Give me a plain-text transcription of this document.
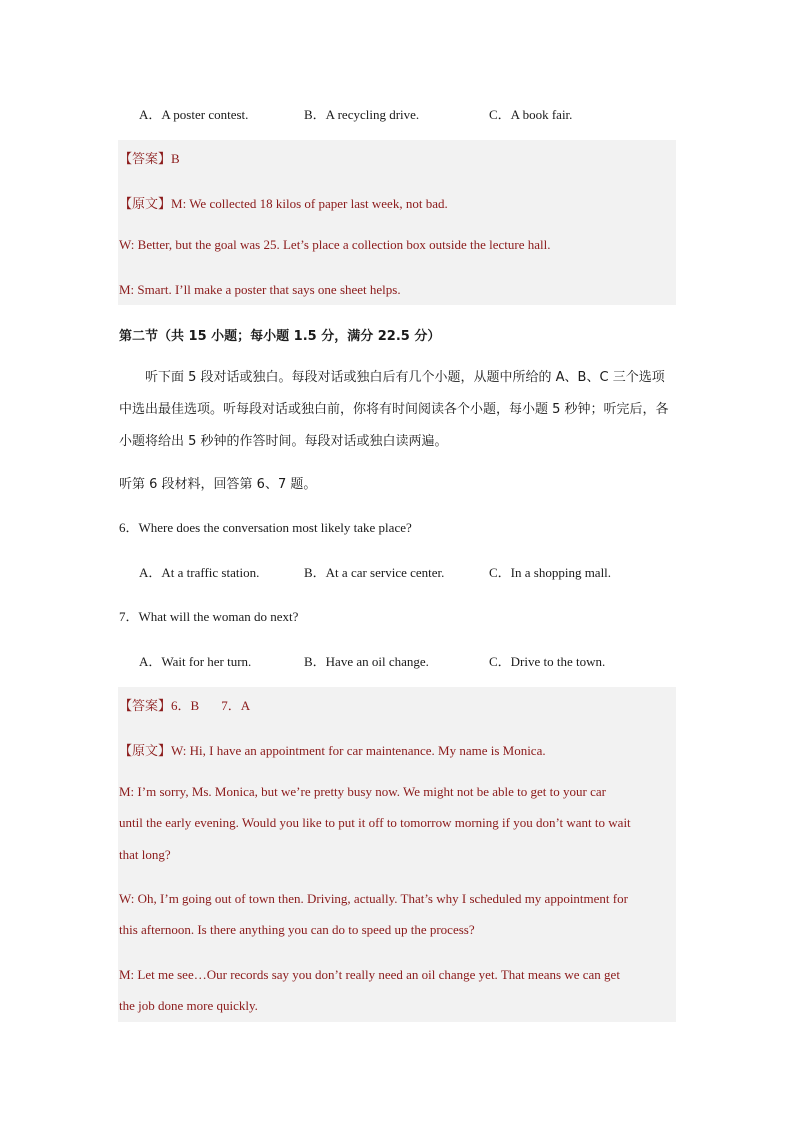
A．A poster contest.	B．A recycling drive.	C．A book fair.
【答案】B
【原文】M: We collected 18 kilos of paper last week, not bad.
W: Better, but the goal was 25. Let’s place a collection box outside the lecture hall.
M: Smart. I’ll make a poster that says one sheet helps.
第二节（共 15 小题；每小题 1.5 分，满分 22.5 分）
听下面 5 段对话或独白。每段对话或独白后有几个小题，从题中所给的 A、B、C 三个选项中选出最佳选项。听每段对话或独白前，你将有时间阅读各个小题，每小题 5 秒钟；听完后，各小题将给出 5 秒钟的作答时间。每段对话或独白读两遍。
听第 6 段材料，回答第 6、7 题。
6．Where does the conversation most likely take place?
A．At a traffic station.	B．At a car service center.	C．In a shopping mall.
7．What will the woman do next?
A．Wait for her turn.	B．Have an oil change.	C．Drive to the town.
【答案】6．B 7．A
【原文】W: Hi, I have an appointment for car maintenance. My name is Monica.
M: I’m sorry, Ms. Monica, but we’re pretty busy now. We might not be able to get to your car
until the early evening. Would you like to put it off to tomorrow morning if you don’t want to wait
that long?
W: Oh, I’m going out of town then. Driving, actually. That’s why I scheduled my appointment for
this afternoon. Is there anything you can do to speed up the process?
M: Let me see…Our records say you don’t really need an oil change yet. That means we can get
the job done more quickly.
